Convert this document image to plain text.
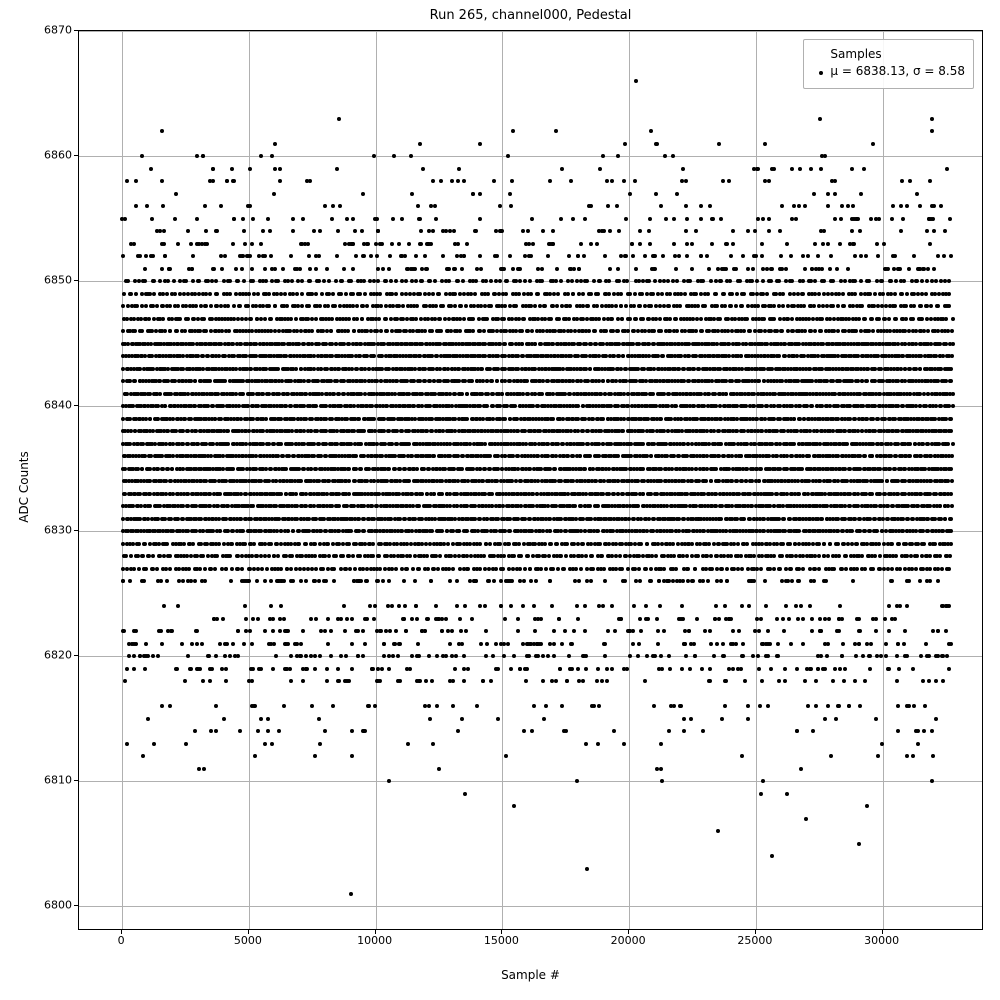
Run 265, channel000, Pedestal
ADC Counts
Sample #
0	5000	10000	15000	20000	25000	30000
6800
6810
6820
6830
6840
6850
6860
6870
Samples
μ = 6838.13, σ = 8.58
